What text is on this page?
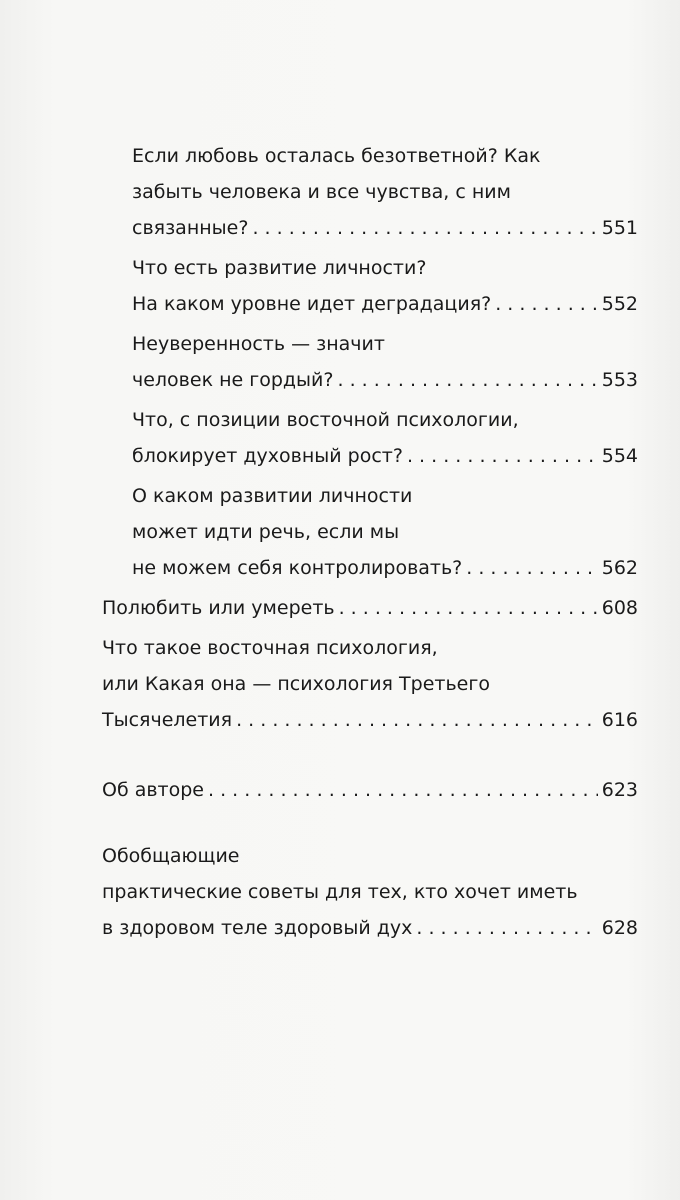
Если любовь осталась безответной? Как
забыть человека и все чувства, с ним
связанные? . . .	551
Что есть развитие личности?
На каком уровне идет деградация? . . .	552
Неуверенность — значит
человек не гордый? . . .	553
Что, с позиции восточной психологии,
блокирует духовный рост? . . .	554
О каком развитии личности
может идти речь, если мы
не можем себя контролировать? . . .	562
Полюбить или умереть . . .	608
Что такое восточная психология,
или Какая она — психология Третьего
Тысячелетия . . .	616
Об авторе . . .	623
Обобщающие
практические советы для тех, кто хочет иметь
в здоровом теле здоровый дух . . .	628
